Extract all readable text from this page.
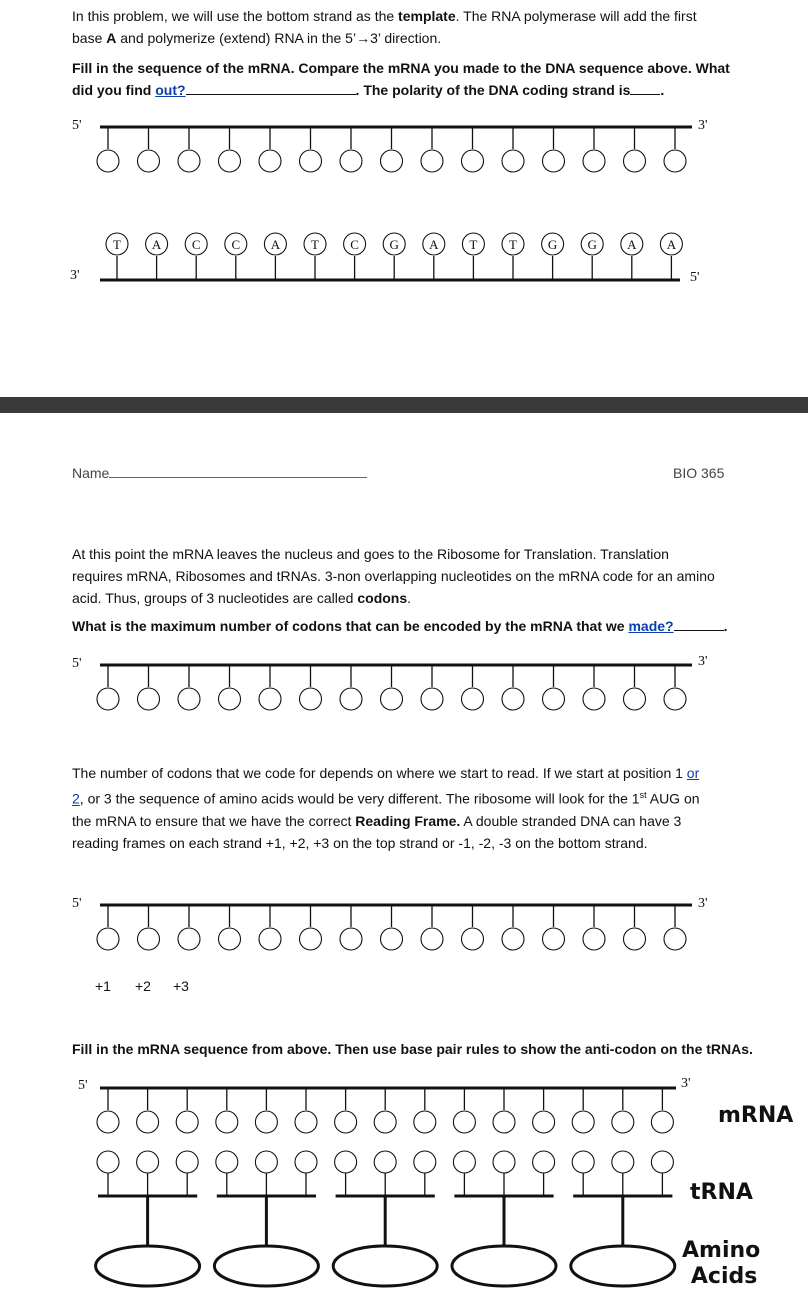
In this problem, we will use the bottom strand as the template. The RNA polymerase will add the first
base A and polymerize (extend) RNA in the 5’→3’ direction.
Fill in the sequence of the mRNA. Compare the mRNA you made to the DNA sequence above. What
did you find out?	. The polarity of the DNA coding strand is .
5'	3'
T A C C A T C G A T T G G A A
3'	5'
Name	BIO 365
At this point the mRNA leaves the nucleus and goes to the Ribosome for Translation. Translation
requires mRNA, Ribosomes and tRNAs. 3-non overlapping nucleotides on the mRNA code for an amino
acid. Thus, groups of 3 nucleotides are called codons.
What is the maximum number of codons that can be encoded by the mRNA that we made?	.
5'	3'
The number of codons that we code for depends on where we start to read. If we start at position 1 or
2, or 3 the sequence of amino acids would be very different. The ribosome will look for the 1st AUG on
the mRNA to ensure that we have the correct Reading Frame. A double stranded DNA can have 3
reading frames on each strand +1, +2, +3 on the top strand or -1, -2, -3 on the bottom strand.
5'	3'
+1 +2 +3
Fill in the mRNA sequence from above. Then use base pair rules to show the anti-codon on the tRNAs.
5'	3'
mRNA
tRNA
Amino
Acids
